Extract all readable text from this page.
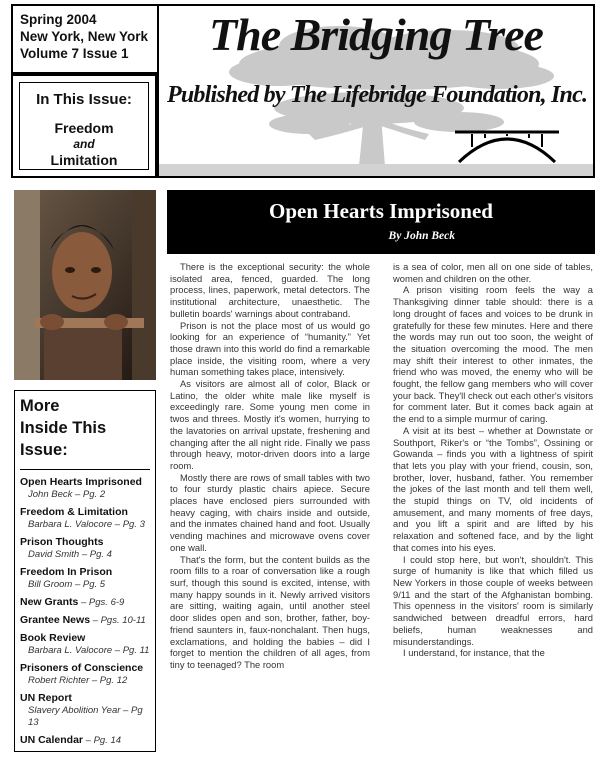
Spring 2004
New York, New York
Volume 7 Issue 1
In This Issue:
Freedom
and
Limitation
The Bridging Tree
Published by The Lifebridge Foundation, Inc.
More
Inside This Issue:
Open Hearts Imprisoned
John Beck – Pg. 2
Freedom & Limitation
Barbara L. Valocore – Pg. 3
Prison Thoughts
David Smith – Pg. 4
Freedom In Prison
Bill Groom – Pg. 5
New Grants – Pgs. 6-9
Grantee News – Pgs. 10-11
Book Review
Barbara L. Valocore – Pg. 11
Prisoners of Conscience
Robert Richter – Pg. 12
UN Report
Slavery Abolition Year – Pg 13
UN Calendar – Pg. 14
Open Hearts Imprisoned
By John Beck

There is the exceptional security: the whole isolated area, fenced, guarded. The long process, lines, paperwork, metal detectors. The institutional architecture, unaesthetic. The bulletin boards' warnings about contraband.

Prison is not the place most of us would go looking for an experience of “humanity.” Yet those drawn into this world do find a remarkable place inside, the visiting room, where a very human something takes place, intensively.

As visitors are almost all of color, Black or Latino, the older white male like myself is exceedingly rare. Some young men come in twos and threes. Mostly it's women, hurrying to the lavatories on arrival upstate, freshening and changing after the all night ride. Finally we pass through heavy, motor-driven doors into a large room.

Mostly there are rows of small tables with two to four sturdy plastic chairs apiece. Secure places have enclosed piers surrounded with heavy caging, with chairs inside and outside, and the inmates chained hand and foot. Usually vending machines and microwave ovens cover one wall.

That's the form, but the content builds as the room fills to a roar of conversation like a rough surf, though this sound is excited, intense, with many happy sounds in it. Newly arrived visitors are sitting, waiting again, until another steel door slides open and son, brother, father, boy-friend saunters in, faux-nonchalant. Then hugs, exclamations, and holding the babies – did I forget to mention the children of all ages, from tiny to teenaged? The room

is a sea of color, men all on one side of tables, women and children on the other.

A prison visiting room feels the way a Thanksgiving dinner table should: there is a long drought of faces and voices to be drunk in gratefully for these few minutes. Here and there the words may run out too soon, the weight of the situation overcoming the mood. The men may shift their interest to other inmates, the friend who was moved, the enemy who will be fought, the fellow gang members who will cover your back. They'll check out each other's visitors for comment later. But it comes back again at the end to a simple murmur of caring.

A visit at its best – whether at Downstate or Southport, Riker's or “the Tombs”, Ossining or Gowanda – finds you with a lightness of spirit that lets you play with your friend, cousin, son, brother, lover, husband, father. You remember the jokes of the last month and tell them well, the stupid things on TV, old incidents of amusement, and many moments of free days, and you lift a spirit and are lifted by his relaxation and softened face, and by the light that comes into his eyes.

I could stop here, but won't, shouldn't. This surge of humanity is like that which filled us New Yorkers in those couple of weeks between 9/11 and the start of the Afghanistan bombing. This openness in the visitors' room is similarly sandwiched between dreadful errors, hard beliefs, human weaknesses and misunderstandings.

I understand, for instance, that the
